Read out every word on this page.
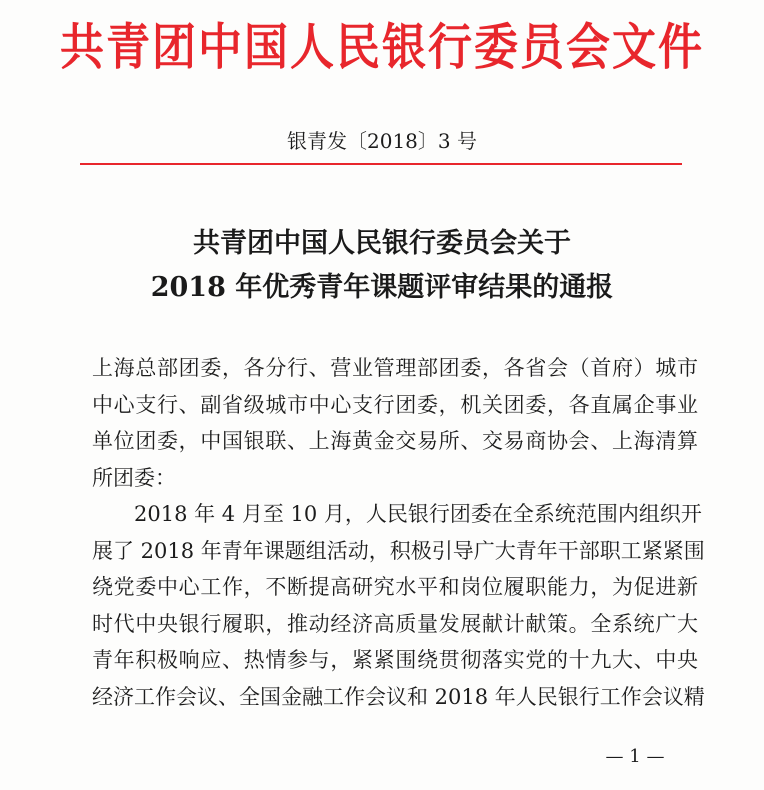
共青团中国人民银行委员会文件
银青发〔2018〕3 号
共青团中国人民银行委员会关于
2018 年优秀青年课题评审结果的通报
上海总部团委，各分行、营业管理部团委，各省会（首府）城市
中心支行、副省级城市中心支行团委，机关团委，各直属企事业
单位团委，中国银联、上海黄金交易所、交易商协会、上海清算
所团委：
2018 年 4 月至 10 月，人民银行团委在全系统范围内组织开
展了 2018 年青年课题组活动，积极引导广大青年干部职工紧紧围
绕党委中心工作，不断提高研究水平和岗位履职能力，为促进新
时代中央银行履职，推动经济高质量发展献计献策。全系统广大
青年积极响应、热情参与，紧紧围绕贯彻落实党的十九大、中央
经济工作会议、全国金融工作会议和 2018 年人民银行工作会议精
— 1 —
